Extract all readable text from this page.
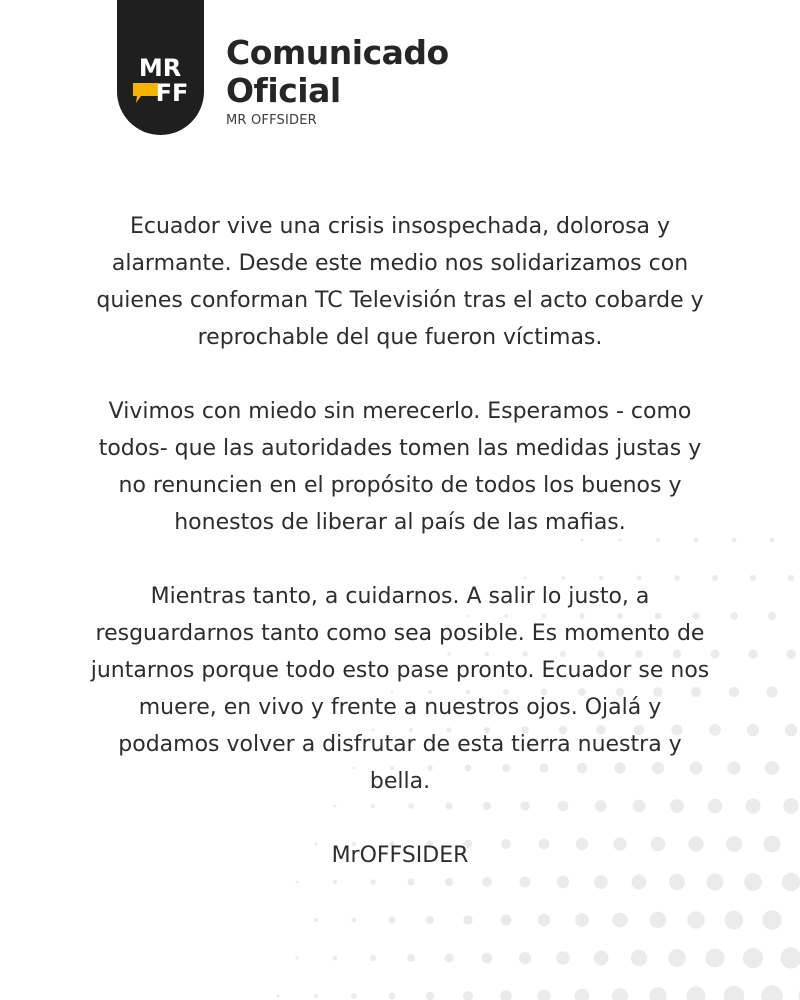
MR
FF
Comunicado
Oficial
MR OFFSIDER

Ecuador vive una crisis insospechada, dolorosa y alarmante. Desde este medio nos solidarizamos con quienes conforman TC Televisión tras el acto cobarde y reprochable del que fueron víctimas.

Vivimos con miedo sin merecerlo. Esperamos - como todos- que las autoridades tomen las medidas justas y no renuncien en el propósito de todos los buenos y honestos de liberar al país de las mafias.

Mientras tanto, a cuidarnos. A salir lo justo, a resguardarnos tanto como sea posible. Es momento de juntarnos porque todo esto pase pronto. Ecuador se nos muere, en vivo y frente a nuestros ojos. Ojalá y podamos volver a disfrutar de esta tierra nuestra y bella.

MrOFFSIDER
